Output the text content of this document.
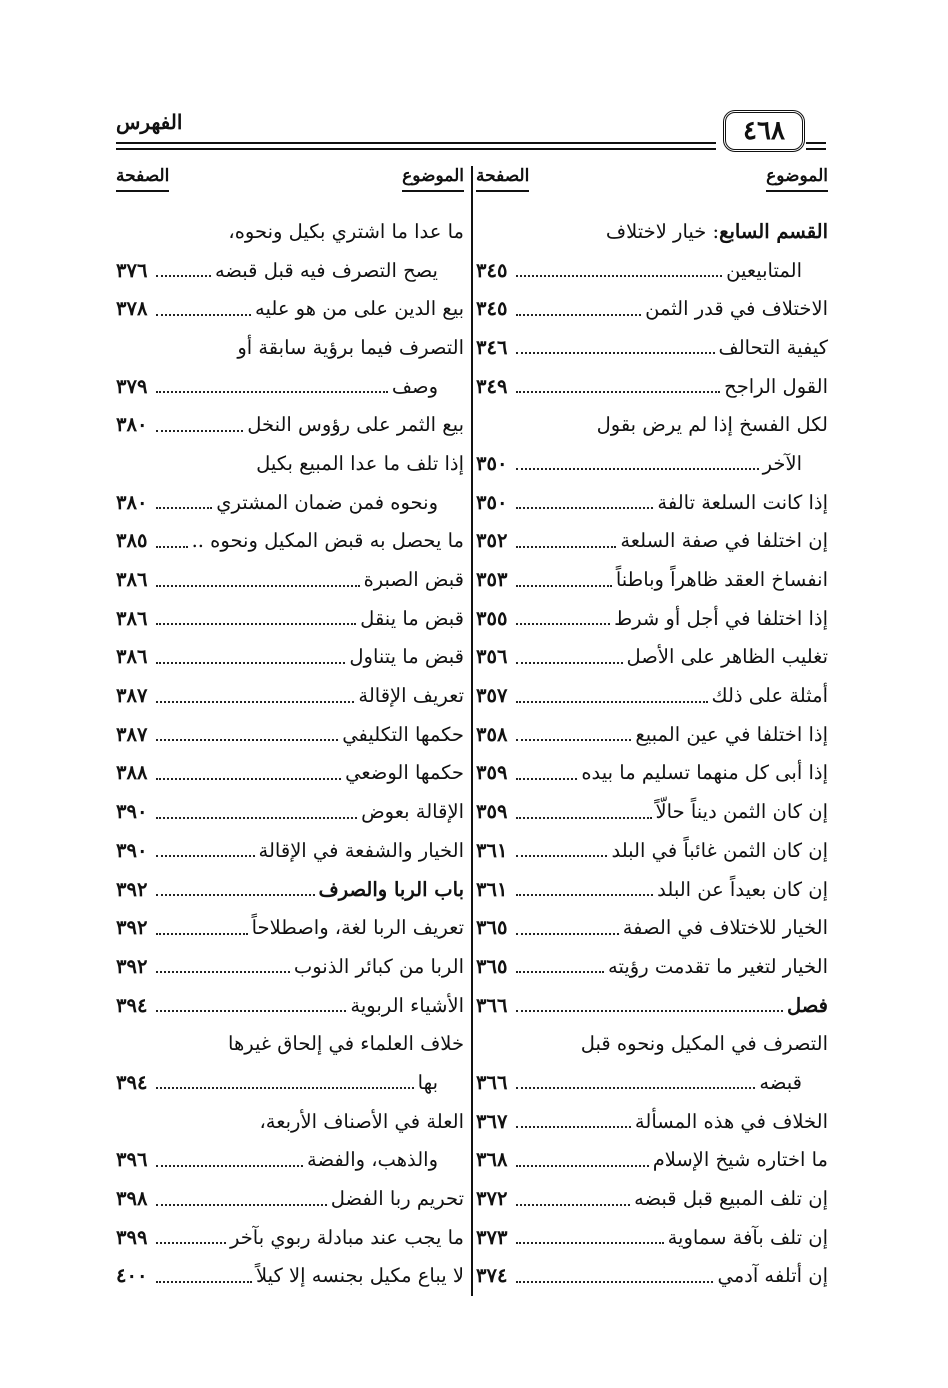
٤٦٨
الفهرس
الموضوع
الصفحة
القسم السابع: خيار لاختلاف
المتابيعين
٣٤٥
الاختلاف في قدر الثمن
٣٤٥
كيفية التحالف
٣٤٦
القول الراجح
٣٤٩
لكل الفسخ إذا لم يرض بقول
الآخر
٣٥٠
إذا كانت السلعة تالفة
٣٥٠
إن اختلفا في صفة السلعة
٣٥٢
انفساخ العقد ظاهراً وباطناً
٣٥٣
إذا اختلفا في أجل أو شرط
٣٥٥
تغليب الظاهر على الأصل
٣٥٦
أمثلة على ذلك
٣٥٧
إذا اختلفا في عين المبيع
٣٥٨
إذا أبى كل منهما تسليم ما بيده
٣٥٩
إن كان الثمن ديناً حالّاً
٣٥٩
إن كان الثمن غائباً في البلد
٣٦١
إن كان بعيداً عن البلد
٣٦١
الخيار للاختلاف في الصفة
٣٦٥
الخيار لتغير ما تقدمت رؤيته
٣٦٥
فصل
٣٦٦
التصرف في المكيل ونحوه قبل
قبضه
٣٦٦
الخلاف في هذه المسألة
٣٦٧
ما اختاره شيخ الإسلام
٣٦٨
إن تلف المبيع قبل قبضه
٣٧٢
إن تلف بآفة سماوية
٣٧٣
إن أتلفه آدمي
٣٧٤
الموضوع
الصفحة
ما عدا ما اشتري بكيل ونحوه،
يصح التصرف فيه قبل قبضه
٣٧٦
بيع الدين على من هو عليه
٣٧٨
التصرف فيما برؤية سابقة أو
وصف
٣٧٩
بيع الثمر على رؤوس النخل
٣٨٠
إذا تلف ما عدا المبيع بكيل
ونحوه فمن ضمان المشتري
٣٨٠
ما يحصل به قبض المكيل ونحوه ..
٣٨٥
قبض الصبرة
٣٨٦
قبض ما ينقل
٣٨٦
قبض ما يتناول
٣٨٦
تعريف الإقالة
٣٨٧
حكمها التكليفي
٣٨٧
حكمها الوضعي
٣٨٨
الإقالة بعوض
٣٩٠
الخيار والشفعة في الإقالة
٣٩٠
باب الربا والصرف
٣٩٢
تعريف الربا لغة، واصطلاحاً
٣٩٢
الربا من كبائر الذنوب
٣٩٢
الأشياء الربوية
٣٩٤
خلاف العلماء في إلحاق غيرها
بها
٣٩٤
العلة في الأصناف الأربعة،
والذهب، والفضة
٣٩٦
تحريم ربا الفضل
٣٩٨
ما يجب عند مبادلة ربوي بآخر
٣٩٩
لا يباع مكيل بجنسه إلا كيلاً
٤٠٠
